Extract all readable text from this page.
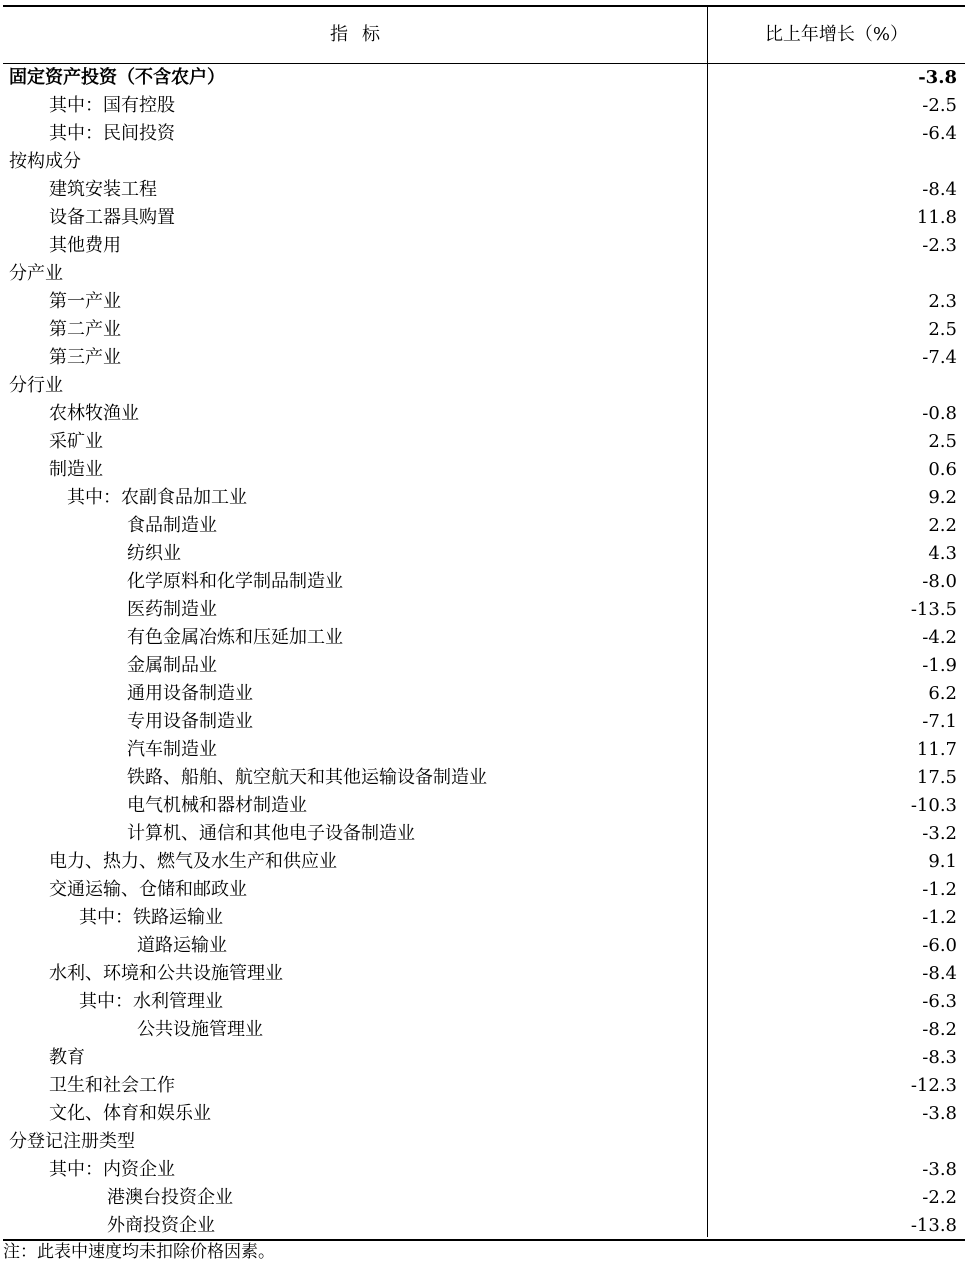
指标	比上年增长（%）
固定资产投资（不含农户）	-3.8
其中：国有控股	-2.5
其中：民间投资	-6.4
按构成分
建筑安装工程	-8.4
设备工器具购置	11.8
其他费用	-2.3
分产业
第一产业	2.3
第二产业	2.5
第三产业	-7.4
分行业
农林牧渔业	-0.8
采矿业	2.5
制造业	0.6
其中：农副食品加工业	9.2
食品制造业	2.2
纺织业	4.3
化学原料和化学制品制造业	-8.0
医药制造业	-13.5
有色金属冶炼和压延加工业	-4.2
金属制品业	-1.9
通用设备制造业	6.2
专用设备制造业	-7.1
汽车制造业	11.7
铁路、船舶、航空航天和其他运输设备制造业	17.5
电气机械和器材制造业	-10.3
计算机、通信和其他电子设备制造业	-3.2
电力、热力、燃气及水生产和供应业	9.1
交通运输、仓储和邮政业	-1.2
其中：铁路运输业	-1.2
道路运输业	-6.0
水利、环境和公共设施管理业	-8.4
其中：水利管理业	-6.3
公共设施管理业	-8.2
教育	-8.3
卫生和社会工作	-12.3
文化、体育和娱乐业	-3.8
分登记注册类型
其中：内资企业	-3.8
港澳台投资企业	-2.2
外商投资企业	-13.8
注：此表中速度均未扣除价格因素。
